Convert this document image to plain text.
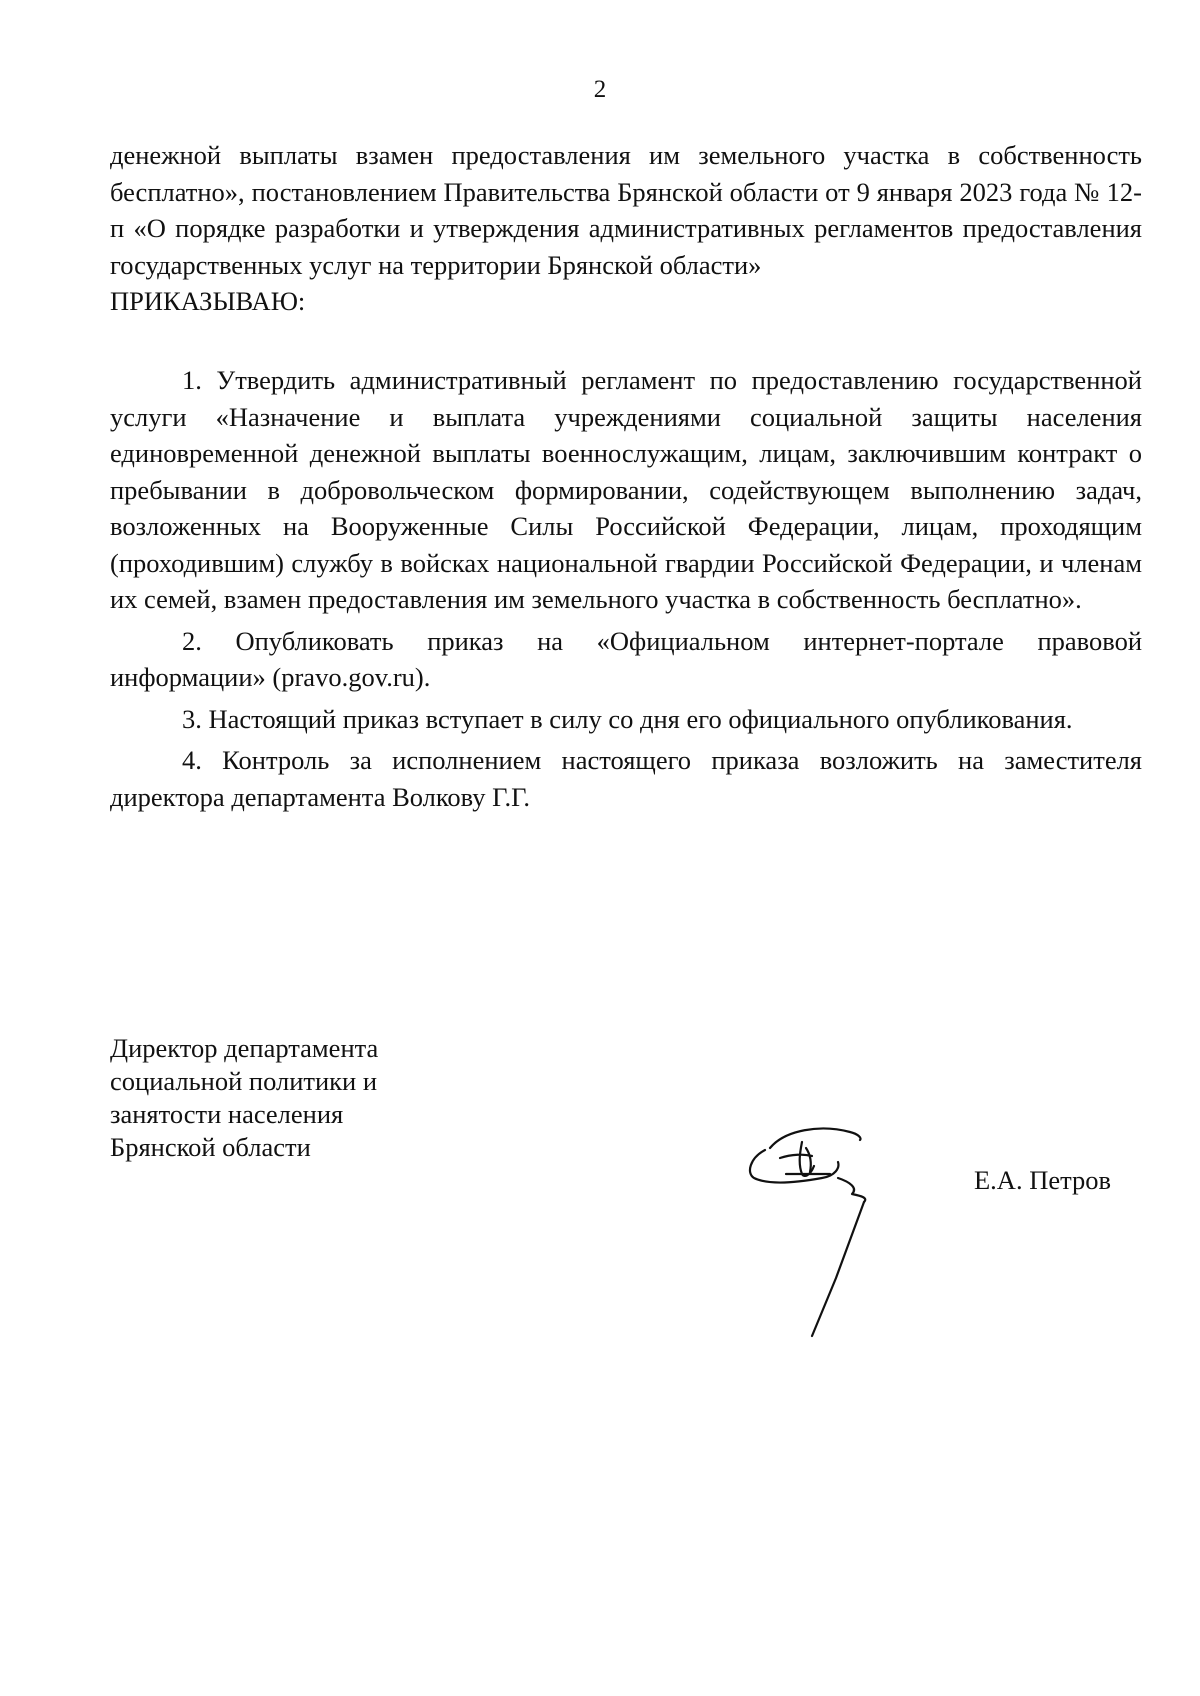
2

денежной выплаты взамен предоставления им земельного участка в собственность бесплатно», постановлением Правительства Брянской области от 9 января 2023 года № 12-п «О порядке разработки и утверждения административных регламентов предоставления государственных услуг на территории Брянской области»

ПРИКАЗЫВАЮ:

1. Утвердить административный регламент по предоставлению государственной услуги «Назначение и выплата учреждениями социальной защиты населения единовременной денежной выплаты военнослужащим, лицам, заключившим контракт о пребывании в добровольческом формировании, содействующем выполнению задач, возложенных на Вооруженные Силы Российской Федерации, лицам, проходящим (проходившим) службу в войсках национальной гвардии Российской Федерации, и членам их семей, взамен предоставления им земельного участка в собственность бесплатно».

2. Опубликовать приказ на «Официальном интернет-портале правовой информации» (pravo.gov.ru).

3. Настоящий приказ вступает в силу со дня его официального опубликования.

4. Контроль за исполнением настоящего приказа возложить на заместителя директора департамента Волкову Г.Г.

Директор департамента
социальной политики и
занятости населения
Брянской области
Е.А. Петров
